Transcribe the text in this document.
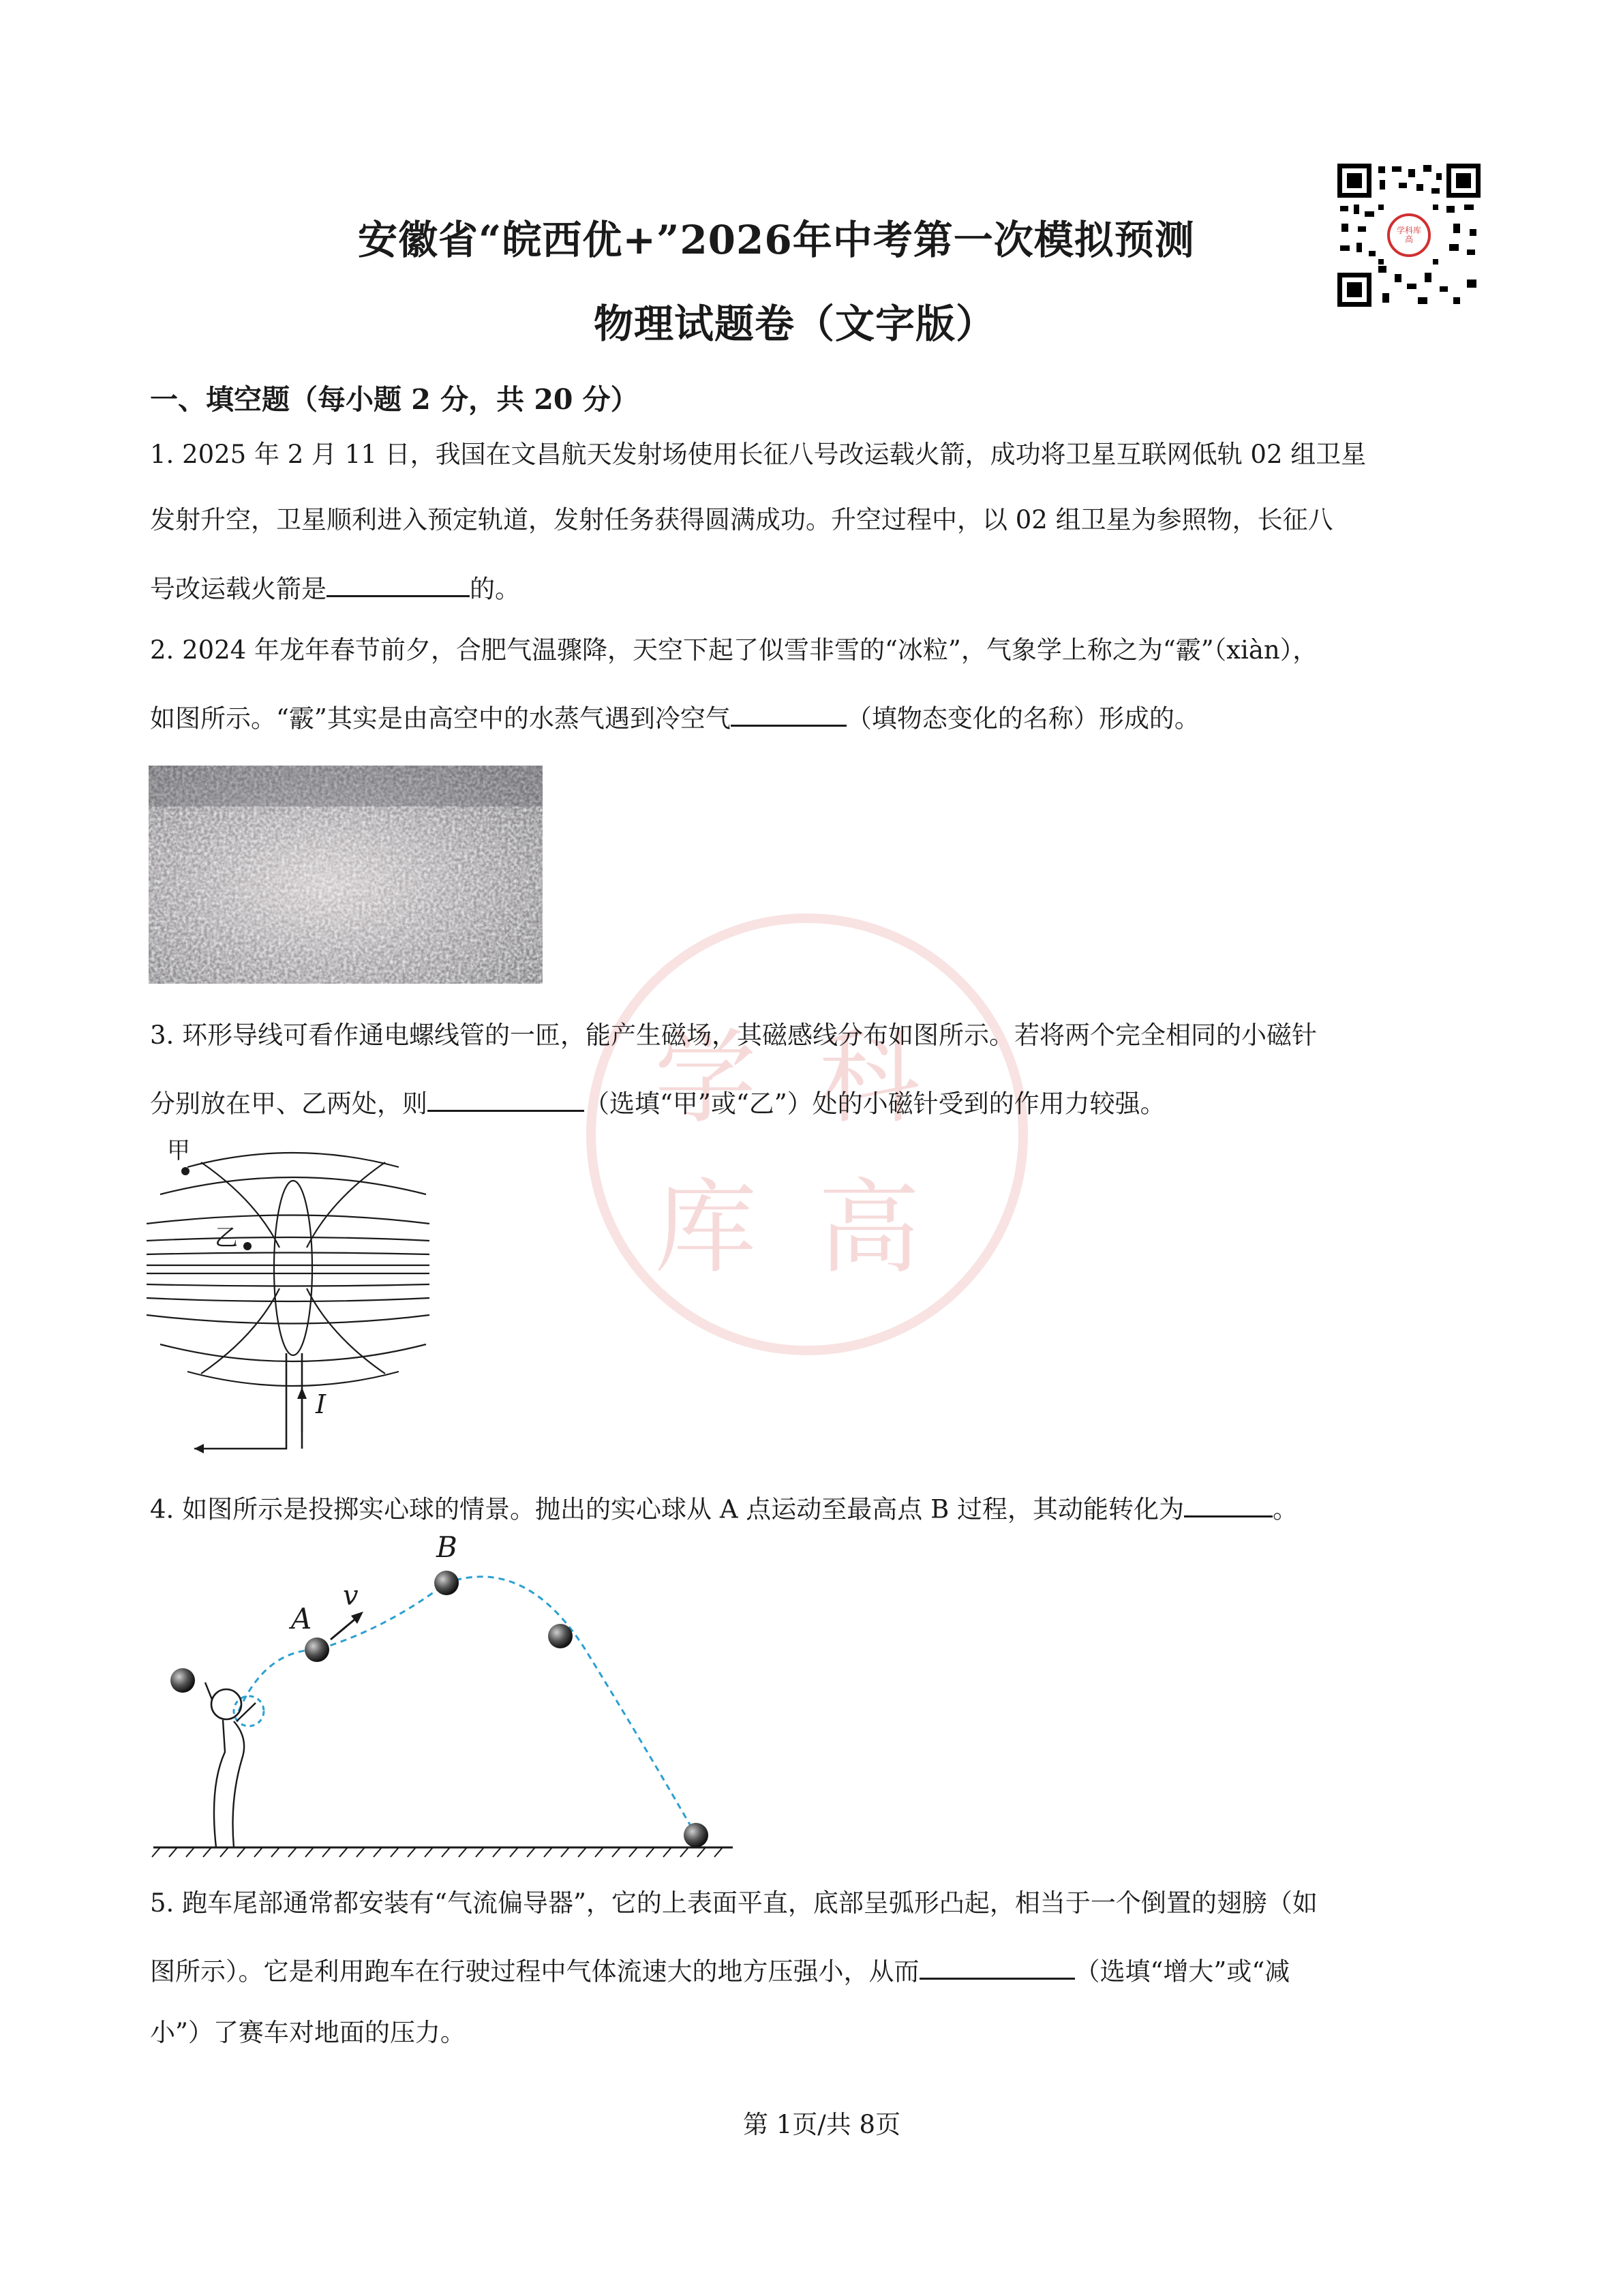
学 科
库 高
学科库高
安徽省“皖西优+”2026年中考第一次模拟预测
物理试题卷（文字版）
一、填空题（每小题 2 分，共 20 分）
1. 2025 年 2 月 11 日，我国在文昌航天发射场使用长征八号改运载火箭，成功将卫星互联网低轨 02 组卫星
发射升空，卫星顺利进入预定轨道，发射任务获得圆满成功。升空过程中，以 02 组卫星为参照物，长征八
号改运载火箭是	的。
2. 2024 年龙年春节前夕，合肥气温骤降，天空下起了似雪非雪的“冰粒”，气象学上称之为“霰”（xiàn），
如图所示。“霰”其实是由高空中的水蒸气遇到冷空气	（填物态变化的名称）形成的。
3. 环形导线可看作通电螺线管的一匝，能产生磁场，其磁感线分布如图所示。若将两个完全相同的小磁针
分别放在甲、乙两处，则	（选填“甲”或“乙”）处的小磁针受到的作用力较强。
甲
乙
I
4. 如图所示是投掷实心球的情景。抛出的实心球从 A 点运动至最高点 B 过程，其动能转化为	。
A
B
v
5. 跑车尾部通常都安装有“气流偏导器”，它的上表面平直，底部呈弧形凸起，相当于一个倒置的翅膀（如
图所示）。它是利用跑车在行驶过程中气体流速大的地方压强小，从而	（选填“增大”或“减
小”）了赛车对地面的压力。
第 1页/共 8页
